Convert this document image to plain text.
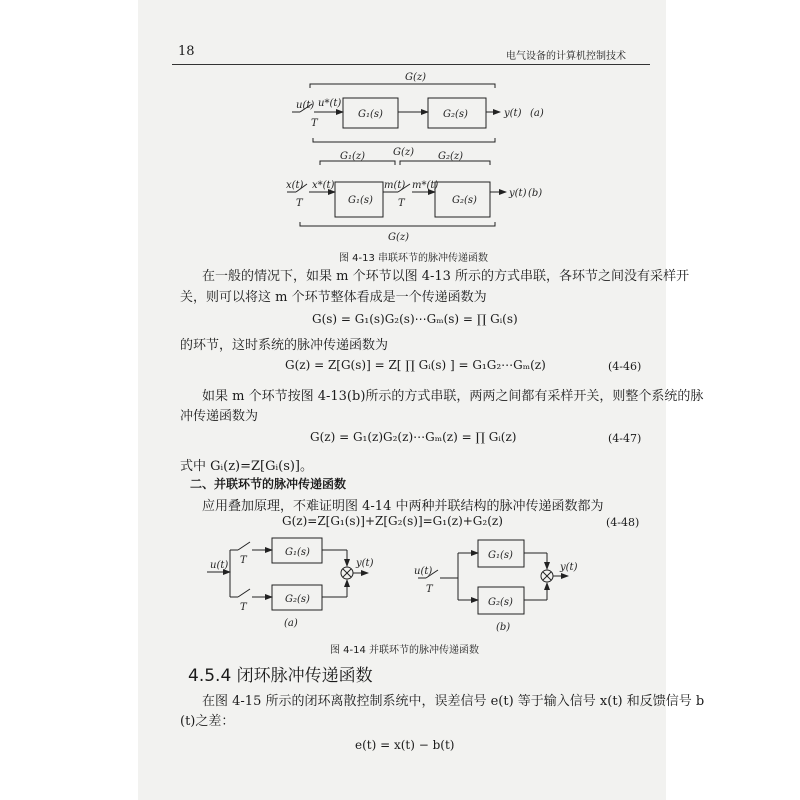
18	电气设备的计算机控制技术
G(z)
u(t) u*(t)
T
G₁(s)	G₂(s)	y(t) (a)
G(z)
G₁(z)	G₂(z)
x(t) x*(t)	m(t) m*(t)
T	T
G₁(s)	G₂(s)
y(t) (b)
G(z)
u(t) T
T
G₁(s)
G₂(s)
y(t)
(a)
u(t)
T
G₁(s)
G₂(s)
y(t)
(b)
图 4-13 串联环节的脉冲传递函数
在一般的情况下，如果 m 个环节以图 4-13 所示的方式串联，各环节之间没有采样开
关，则可以将这 m 个环节整体看成是一个传递函数为
G(s) = G₁(s)G₂(s)⋯Gₘ(s) = ∏ Gᵢ(s)
的环节，这时系统的脉冲传递函数为
G(z) = Z[G(s)] = Z[ ∏ Gᵢ(s) ] = G₁G₂⋯Gₘ(z)	(4-46)
如果 m 个环节按图 4-13(b)所示的方式串联，两两之间都有采样开关，则整个系统的脉
冲传递函数为
G(z) = G₁(z)G₂(z)⋯Gₘ(z) = ∏ Gᵢ(z)	(4-47)
式中 Gᵢ(z)=Z[Gᵢ(s)]。
二、并联环节的脉冲传递函数
应用叠加原理，不难证明图 4-14 中两种并联结构的脉冲传递函数都为
G(z)=Z[G₁(s)]+Z[G₂(s)]=G₁(z)+G₂(z)	(4-48)
图 4-14 并联环节的脉冲传递函数
4.5.4 闭环脉冲传递函数
在图 4-15 所示的闭环离散控制系统中，误差信号 e(t) 等于输入信号 x(t) 和反馈信号 b
(t)之差：
e(t) = x(t) − b(t)
